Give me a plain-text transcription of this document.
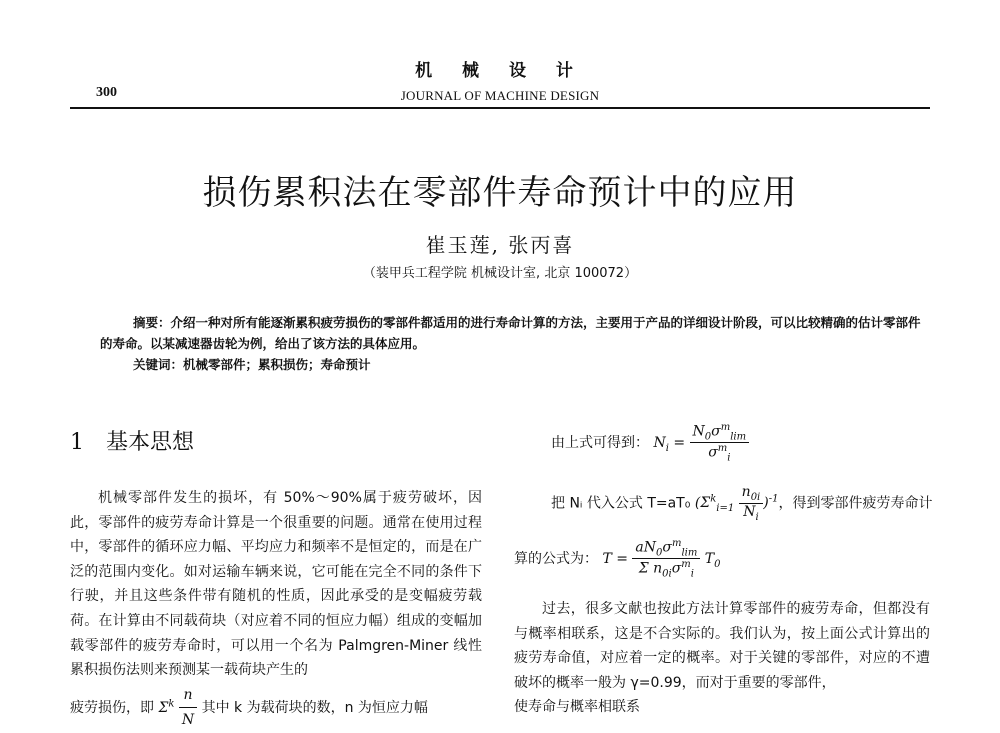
机 械 设 计
300	JOURNAL OF MACHINE DESIGN
损伤累积法在零部件寿命预计中的应用
崔玉莲, 张丙喜
（装甲兵工程学院 机械设计室, 北京 100072）

摘要：介绍一种对所有能逐渐累积疲劳损伤的零部件都适用的进行寿命计算的方法，主要用于产品的详细设计阶段，可以比较精确的估计零部件的寿命。以某减速器齿轮为例，给出了该方法的具体应用。

关键词：机械零部件；累积损伤；寿命预计

1 基本思想

机械零部件发生的损坏，有 50%～90%属于疲劳破坏，因此，零部件的疲劳寿命计算是一个很重要的问题。通常在使用过程中，零部件的循环应力幅、平均应力和频率不是恒定的，而是在广泛的范围内变化。如对运输车辆来说，它可能在完全不同的条件下行驶，并且这些条件带有随机的性质，因此承受的是变幅疲劳载荷。在计算由不同载荷块（对应着不同的恒应力幅）组成的变幅加载零部件的疲劳寿命时，可以用一个名为 Palmgren-Miner 线性累积损伤法则来预测某一载荷块产生的

疲劳损伤，即 $\Sigma^k \frac{n}{N}$ 其中 k 为载荷块的数，n 为恒应力幅
由上式可得到： $N_i = \frac{N_0\sigma^m_{lim}}{\sigma^m_i}$
把 Nᵢ 代入公式 T=aT₀ $(\Sigma^k_{i=1} \frac{n_{0i}}{N_i} )^{-1}$，得到零部件疲劳寿命计
算的公式为： $T = \frac{aN_0\sigma^m_{lim}}{\Sigma n_{0i}\sigma^m_i} T_0$

过去，很多文献也按此方法计算零部件的疲劳寿命，但都没有与概率相联系，这是不合实际的。我们认为，按上面公式计算出的疲劳寿命值，对应着一定的概率。对于关键的零部件，对应的不遭破坏的概率一般为 γ=0.99，而对于重要的零部件，

使寿命与概率相联系
